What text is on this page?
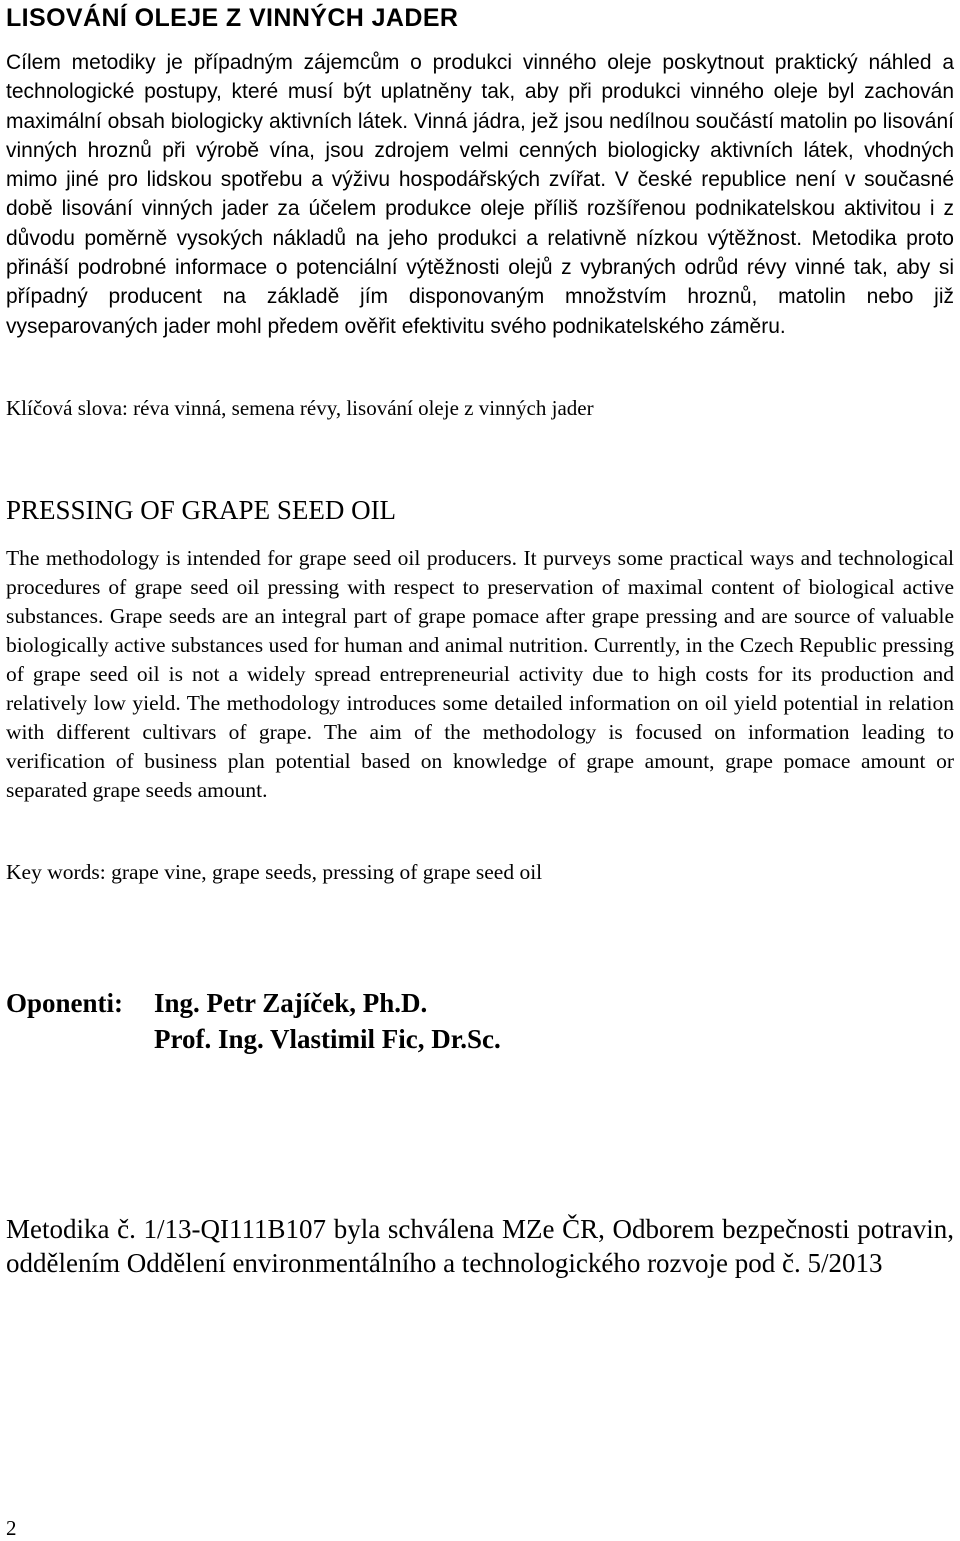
LISOVÁNÍ OLEJE Z VINNÝCH JADER

Cílem metodiky je případným zájemcům o produkci vinného oleje poskytnout praktický náhled a technologické postupy, které musí být uplatněny tak, aby při produkci vinného oleje byl zachován maximální obsah biologicky aktivních látek. Vinná jádra, jež jsou nedílnou součástí matolin po lisování vinných hroznů při výrobě vína, jsou zdrojem velmi cenných biologicky aktivních látek, vhodných mimo jiné pro lidskou spotřebu a výživu hospodářských zvířat. V české republice není v současné době lisování vinných jader za účelem produkce oleje příliš rozšířenou podnikatelskou aktivitou i z důvodu poměrně vysokých nákladů na jeho produkci a relativně nízkou výtěžnost. Metodika proto přináší podrobné informace o potenciální výtěžnosti olejů z vybraných odrůd révy vinné tak, aby si případný producent na základě jím disponovaným množstvím hroznů, matolin nebo již vyseparovaných jader mohl předem ověřit efektivitu svého podnikatelského záměru.

Klíčová slova: réva vinná, semena révy, lisování oleje z vinných jader

PRESSING OF GRAPE SEED OIL

The methodology is intended for grape seed oil producers. It purveys some practical ways and technological procedures of grape seed oil pressing with respect to preservation of maximal content of biological active substances. Grape seeds are an integral part of grape pomace after grape pressing and are source of valuable biologically active substances used for human and animal nutrition. Currently, in the Czech Republic pressing of grape seed oil is not a widely spread entrepreneurial activity due to high costs for its production and relatively low yield. The methodology introduces some detailed information on oil yield potential in relation with different cultivars of grape. The aim of the methodology is focused on information leading to verification of business plan potential based on knowledge of grape amount, grape pomace amount or separated grape seeds amount.

Key words: grape vine, grape seeds, pressing of grape seed oil

Oponenti:	Ing. Petr Zajíček, Ph.D.
Prof. Ing. Vlastimil Fic, Dr.Sc.

Metodika č. 1/13-QI111B107 byla schválena MZe ČR, Odborem bezpečnosti potravin, oddělením Oddělení environmentálního a technologického rozvoje pod č. 5/2013

2
